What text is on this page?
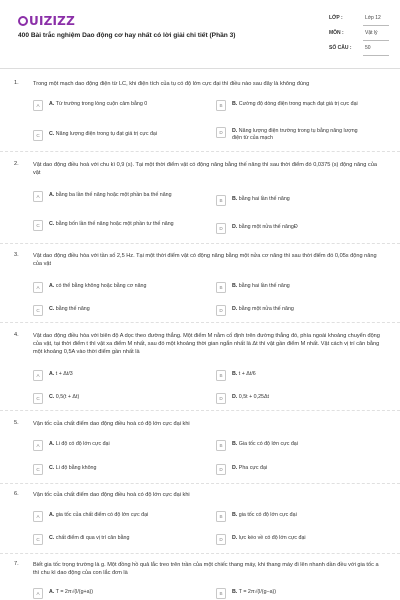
UIZIZZ
400 Bài trắc nghiệm Dao động cơ hay nhất có lời giải chi tiết (Phần 3)
LỚP :	Lớp 12
MÔN :	Vật lý
SỐ CÂU :	50
1.	Trong một mạch dao động điện từ LC, khi điện tích của tụ có độ lớn cực đại thì điều nào sau đây là không đúng
A	A. Từ trường trong lòng cuộn cảm bằng 0	B	B. Cường độ dòng điện trong mạch đạt giá trị cực đại
C	C. Năng lượng điện trong tụ đạt giá trị cực đại	D	D. Năng lượng điện trường trong tụ bằng năng lượng điện từ của mạch
2.	Vật dao động điều hoà với chu kì 0,9 (s). Tại một thời điểm vật có động năng bằng thế năng thì sau thời điểm đó 0,0375 (s) động năng của vật
A	A. bằng ba lần thế năng hoặc một phần ba thế năng
B	B. bằng hai lần thế năng
C	C. bằng bốn lần thế năng hoặc một phần tư thế năng
D	D. bằng một nửa thế năngĐ
3.	Vật dao động điều hòa với tần số 2,5 Hz. Tại một thời điểm vật có động năng bằng một nửa cơ năng thì sau thời điểm đó 0,05s động năng của vật
A	A. có thể bằng không hoặc bằng cơ năng	B	B. bằng hai lần thế năng
C	C. bằng thế năng	D	D. bằng một nửa thế năng
4.	Vật dao động điều hòa với biên độ A dọc theo đường thẳng. Một điểm M nằm cố định trên đường thẳng đó, phía ngoài khoảng chuyển động của vật, tại thời điểm t thì vật xa điểm M nhất, sau đó một khoảng thời gian ngắn nhất là Δt thì vật gần điểm M nhất. Vật cách vị trí cân bằng một khoảng 0,5A vào thời điểm gần nhất là
A	A. t + Δt/3	B	B. t + Δt/6
C	C. 0,5(t + Δt)	D	D. 0,5t + 0,25Δt
5.	Vận tốc của chất điểm dao động điều hoà có độ lớn cực đại khi
A	A. Li độ có độ lớn cực đại	B	B. Gia tốc có độ lớn cực đại
C	C. Li độ bằng không	D	D. Pha cực đại
6.	Vận tốc của chất điểm dao động điều hoà có độ lớn cực đại khi
A	A. gia tốc của chất điểm có độ lớn cực đại	B	B. gia tốc có độ lớn cực đại
C	C. chất điểm đi qua vị trí cân bằng	D	D. lực kéo về có độ lớn cực đại
7.	Biết gia tốc trọng trường là g. Một đồng hồ quả lắc treo trên trần của một chiếc thang máy, khi thang máy đi lên nhanh dần đều với gia tốc a thì chu kì dao động của con lắc đơn là
A	A. T = 2π√(l/(g+a))	B	B. T = 2π√(l/(g−a))
